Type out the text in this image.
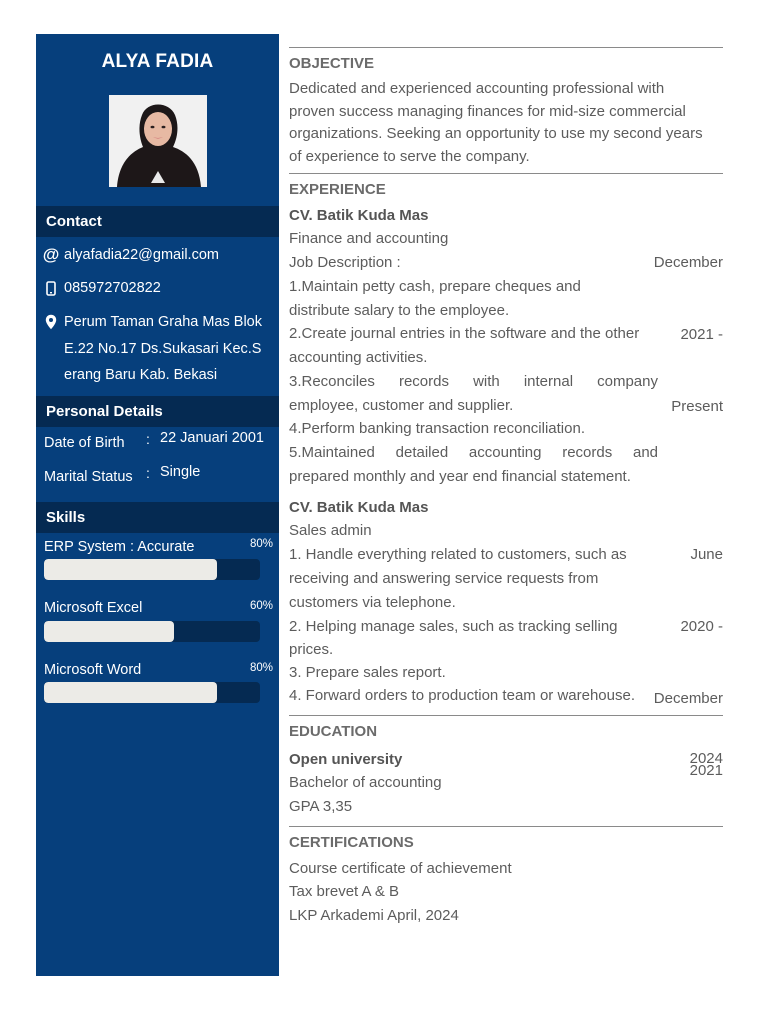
ALYA FADIA
Contact
@ alyafadia22@gmail.com
085972702822
Perum Taman Graha Mas Blok
E.22 No.17 Ds.Sukasari Kec.S
erang Baru Kab. Bekasi
Personal Details
Date of Birth : 22 Januari 2001
Marital Status : Single
Skills
ERP System : Accurate	80%
Microsoft Excel	60%
Microsoft Word	80%
OBJECTIVE
Dedicated and experienced accounting professional with
proven success managing finances for mid-size commercial
organizations. Seeking an opportunity to use my second years
of experience to serve the company.
EXPERIENCE
CV. Batik Kuda Mas

December

2021 -

Present

Finance and accounting
Job Description :
1.Maintain petty cash, prepare cheques and
distribute salary to the employee.
2.Create journal entries in the software and the other
accounting activities.
3.Reconciles records with internal company
employee, customer and supplier.
4.Perform banking transaction reconciliation.
5.Maintained detailed accounting records and
prepared monthly and year end financial statement.
CV. Batik Kuda Mas

June

2020 -

December

2021

Sales admin
1. Handle everything related to customers, such as
receiving and answering service requests from
customers via telephone.
2. Helping manage sales, such as tracking selling
prices.
3. Prepare sales report.
4. Forward orders to production team or warehouse.
EDUCATION
Open university	2024
Bachelor of accounting
GPA 3,35
CERTIFICATIONS
Course certificate of achievement
Tax brevet A & B
LKP Arkademi April, 2024
